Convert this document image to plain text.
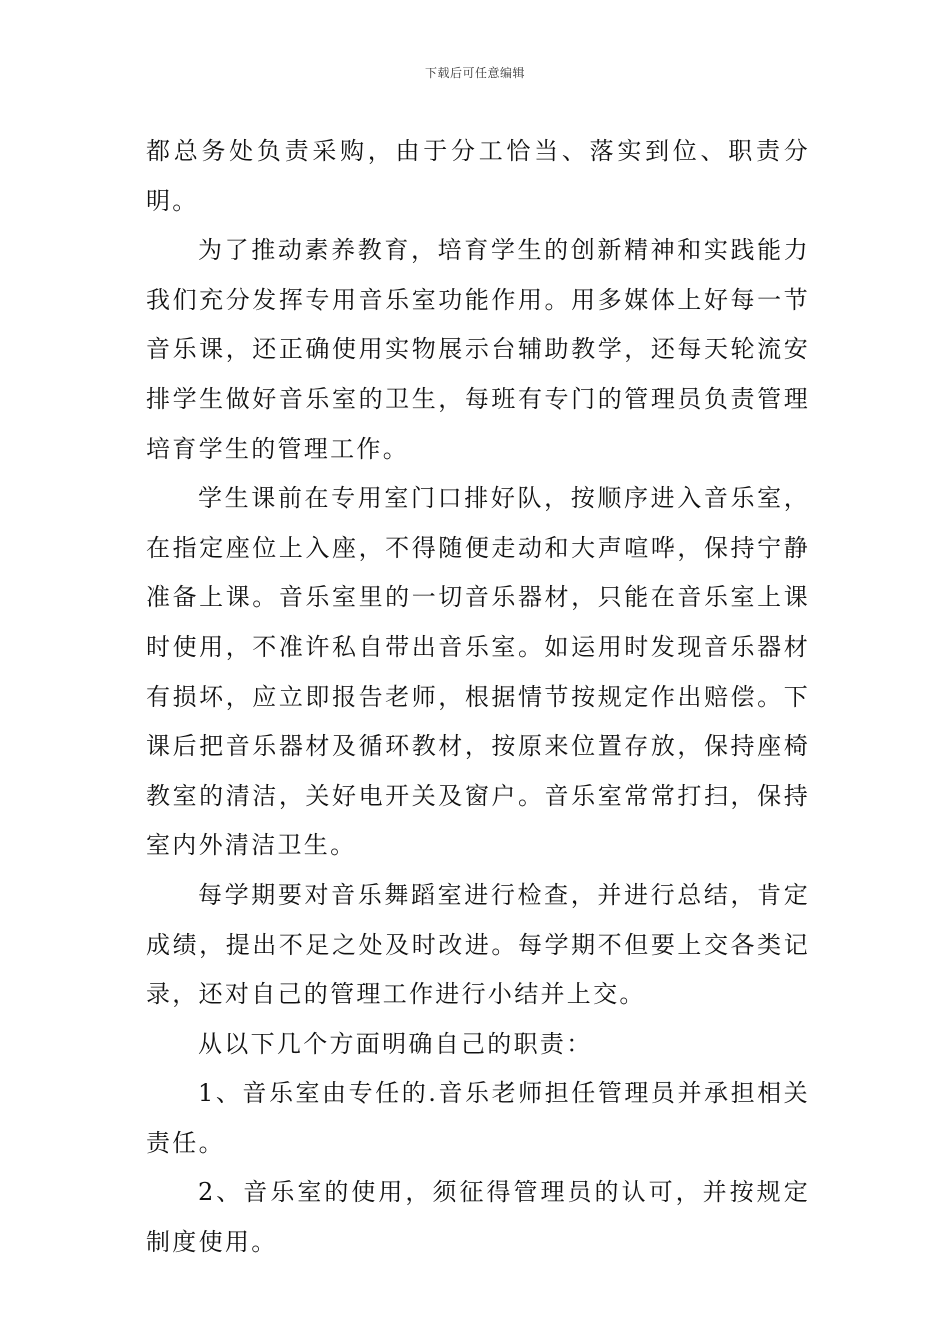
下载后可任意编辑

都总务处负责采购，由于分工恰当、落实到位、职责分明。

为了推动素养教育，培育学生的创新精神和实践能力我们充分发挥专用音乐室功能作用。用多媒体上好每一节音乐课，还正确使用实物展示台辅助教学，还每天轮流安排学生做好音乐室的卫生，每班有专门的管理员负责管理培育学生的管理工作。

学生课前在专用室门口排好队，按顺序进入音乐室，在指定座位上入座，不得随便走动和大声喧哗，保持宁静准备上课。音乐室里的一切音乐器材，只能在音乐室上课时使用，不准许私自带出音乐室。如运用时发现音乐器材有损坏，应立即报告老师，根据情节按规定作出赔偿。下课后把音乐器材及循环教材，按原来位置存放，保持座椅教室的清洁，关好电开关及窗户。音乐室常常打扫，保持室内外清洁卫生。

每学期要对音乐舞蹈室进行检查，并进行总结，肯定成绩，提出不足之处及时改进。每学期不但要上交各类记录，还对自己的管理工作进行小结并上交。

从以下几个方面明确自己的职责：

1、音乐室由专任的.音乐老师担任管理员并承担相关责任。

2、音乐室的使用，须征得管理员的认可，并按规定制度使用。
